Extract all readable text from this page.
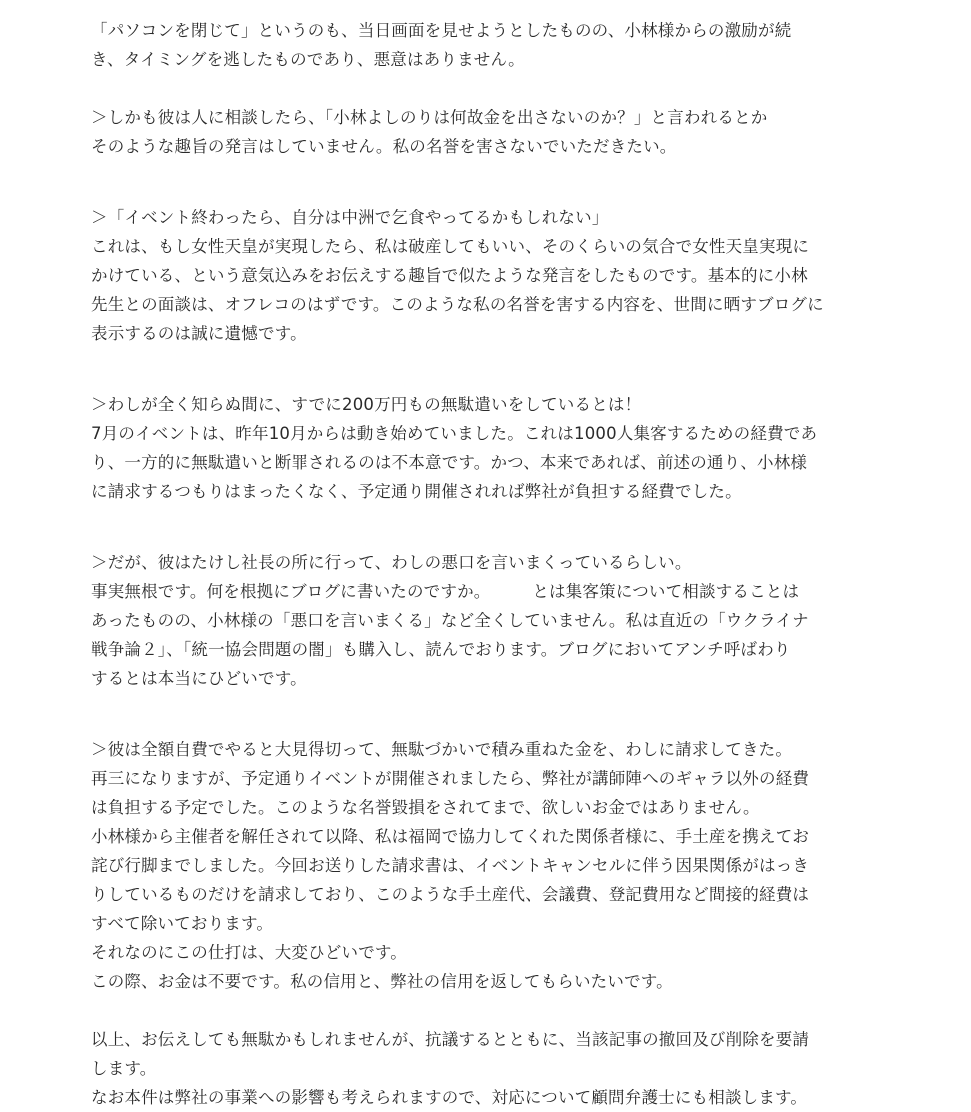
「パソコンを閉じて」というのも、当日画面を見せようとしたものの、小林様からの激励が続
き、タイミングを逃したものであり、悪意はありません。
＞しかも彼は人に相談したら、「小林よしのりは何故金を出さないのか？」と言われるとか
そのような趣旨の発言はしていません。私の名誉を害さないでいただきたい。
＞「イベント終わったら、自分は中洲で乞食やってるかもしれない」
これは、もし女性天皇が実現したら、私は破産してもいい、そのくらいの気合で女性天皇実現に
かけている、という意気込みをお伝えする趣旨で似たような発言をしたものです。基本的に小林
先生との面談は、オフレコのはずです。このような私の名誉を害する内容を、世間に晒すブログに
表示するのは誠に遺憾です。
＞わしが全く知らぬ間に、すでに200万円もの無駄遣いをしているとは！
7月のイベントは、昨年10月からは動き始めていました。これは1000人集客するための経費であ
り、一方的に無駄遣いと断罪されるのは不本意です。かつ、本来であれば、前述の通り、小林様
に請求するつもりはまったくなく、予定通り開催されれば弊社が負担する経費でした。
＞だが、彼はたけし社長の所に行って、わしの悪口を言いまくっているらしい。
事実無根です。何を根拠にブログに書いたのですか。　　　とは集客策について相談することは
あったものの、小林様の「悪口を言いまくる」など全くしていません。私は直近の「ウクライナ
戦争論２」、「統一協会問題の闇」も購入し、読んでおります。ブログにおいてアンチ呼ばわり
するとは本当にひどいです。
＞彼は全額自費でやると大見得切って、無駄づかいで積み重ねた金を、わしに請求してきた。
再三になりますが、予定通りイベントが開催されましたら、弊社が講師陣へのギャラ以外の経費
は負担する予定でした。このような名誉毀損をされてまで、欲しいお金ではありません。
小林様から主催者を解任されて以降、私は福岡で協力してくれた関係者様に、手土産を携えてお
詫び行脚までしました。今回お送りした請求書は、イベントキャンセルに伴う因果関係がはっき
りしているものだけを請求しており、このような手土産代、会議費、登記費用など間接的経費は
すべて除いております。
それなのにこの仕打は、大変ひどいです。
この際、お金は不要です。私の信用と、弊社の信用を返してもらいたいです。
以上、お伝えしても無駄かもしれませんが、抗議するとともに、当該記事の撤回及び削除を要請
します。
なお本件は弊社の事業への影響も考えられますので、対応について顧問弁護士にも相談します。
